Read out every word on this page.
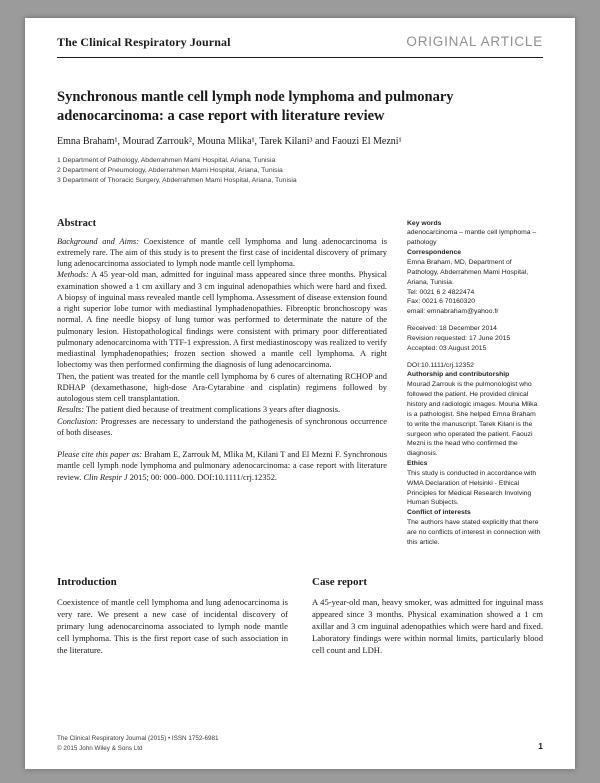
The Clinical Respiratory Journal	ORIGINAL ARTICLE
Synchronous mantle cell lymph node lymphoma and pulmonary adenocarcinoma: a case report with literature review
Emna Braham¹, Mourad Zarrouk², Mouna Mlika¹, Tarek Kilani³ and Faouzi El Mezni¹
1 Department of Pathology, Abderrahmen Mami Hospital, Ariana, Tunisia
2 Department of Pneumology, Abderrahmen Mami Hospital, Ariana, Tunisia
3 Department of Thoracic Surgery, Abderrahmen Mami Hospital, Ariana, Tunisia
Abstract

Background and Aims: Coexistence of mantle cell lymphoma and lung adenocarcinoma is extremely rare. The aim of this study is to present the first case of incidental discovery of primary lung adenocarcinoma associated to lymph node mantle cell lymphoma.

Methods: A 45 year-old man, admitted for inguinal mass appeared since three months. Physical examination showed a 1 cm axillary and 3 cm inguinal adenopathies which were hard and fixed. A biopsy of inguinal mass revealed mantle cell lymphoma. Assessment of disease extension found a right superior lobe tumor with mediastinal lymphadenopathies. Fibreoptic bronchoscopy was normal. A fine needle biopsy of lung tumor was performed to determinate the nature of the pulmonary lesion. Histopathological findings were consistent with primary poor differentiated pulmonary adenocarcinoma with TTF-1 expression. A first mediastinoscopy was realized to verify mediastinal lymphadenopathies; frozen section showed a mantle cell lymphoma. A right lobectomy was then performed confirming the diagnosis of lung adenocarcinoma.

Then, the patient was treated for the mantle cell lymphoma by 6 cures of alternating RCHOP and RDHAP (dexamethasone, high-dose Ara-Cytarabine and cisplatin) regimens followed by autologous stem cell transplantation.

Results: The patient died because of treatment complications 3 years after diagnosis.

Conclusion: Progresses are necessary to understand the pathogenesis of synchronous occurrence of both diseases.

Please cite this paper as: Braham E, Zarrouk M, Mlika M, Kilani T and El Mezni F. Synchronous mantle cell lymph node lymphoma and pulmonary adenocarcinoma: a case report with literature review. Clin Respir J 2015; 00: 000–000. DOI:10.1111/crj.12352.

Key words
adenocarcinoma – mantle cell lymphoma – pathology
Correspondence
Emna Braham, MD, Department of Pathology, Abderrahmen Mami Hospital, Ariana, Tunisia.
Tel: 0021 6 2 4822474
Fax: 0021 6 70160320
email: emnabraham@yahoo.fr
Received: 18 December 2014
Revision requested: 17 June 2015
Accepted: 03 August 2015
DOI:10.1111/crj.12352
Authorship and contributorship
Mourad Zarrouk is the pulmonologist who followed the patient. He provided clinical history and radiologic images. Mouna Mlika is a pathologist. She helped Emna Braham to write the manuscript. Tarek Kilani is the surgeon who operated the patient. Faouzi Mezni is the head who confirmed the diagnosis.
Ethics
This study is conducted in accordance with WMA Declaration of Helsinki - Ethical Principles for Medical Research Involving Human Subjects.
Conflict of interests
The authors have stated explicitly that there are no conflicts of interest in connection with this article.
Introduction

Coexistence of mantle cell lymphoma and lung adenocarcinoma is very rare. We present a new case of incidental discovery of primary lung adenocarcinoma associated to lymph node mantle cell lymphoma. This is the first report case of such association in the literature.

Case report

A 45-year-old man, heavy smoker, was admitted for inguinal mass appeared since 3 months. Physical examination showed a 1 cm axillar and 3 cm inguinal adenopathies which were hard and fixed. Laboratory findings were within normal limits, particularly blood cell count and LDH.

The Clinical Respiratory Journal (2015) • ISSN 1752-6981
© 2015 John Wiley & Sons Ltd	1
